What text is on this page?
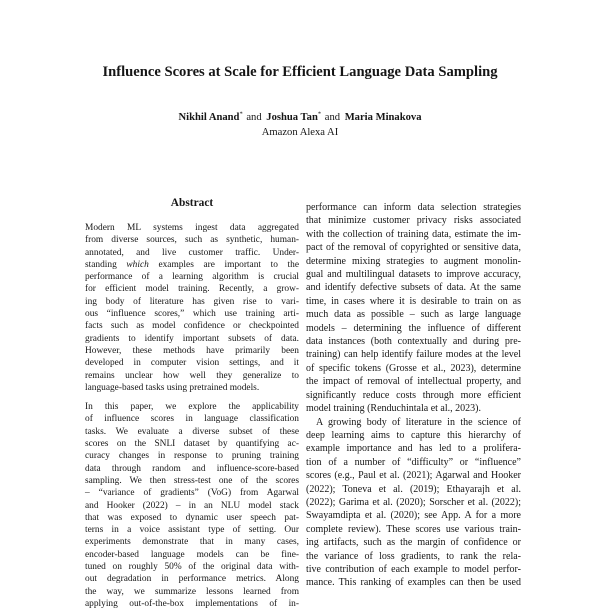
Influence Scores at Scale for Efficient Language Data Sampling
Nikhil Anand* and Joshua Tan* and Maria Minakova
Amazon Alexa AI
Abstract
Modern ML systems ingest data aggregated
from diverse sources, such as synthetic, human-
annotated, and live customer traffic. Under-
standing which examples are important to the
performance of a learning algorithm is crucial
for efficient model training. Recently, a grow-
ing body of literature has given rise to vari-
ous “influence scores,” which use training arti-
facts such as model confidence or checkpointed
gradients to identify important subsets of data.
However, these methods have primarily been
developed in computer vision settings, and it
remains unclear how well they generalize to
language-based tasks using pretrained models.
In this paper, we explore the applicability
of influence scores in language classification
tasks. We evaluate a diverse subset of these
scores on the SNLI dataset by quantifying ac-
curacy changes in response to pruning training
data through random and influence-score-based
sampling. We then stress-test one of the scores
– “variance of gradients” (VoG) from Agarwal
and Hooker (2022) – in an NLU model stack
that was exposed to dynamic user speech pat-
terns in a voice assistant type of setting. Our
experiments demonstrate that in many cases,
encoder-based language models can be fine-
tuned on roughly 50% of the original data with-
out degradation in performance metrics. Along
the way, we summarize lessons learned from
applying out-of-the-box implementations of in-
performance can inform data selection strategies
that minimize customer privacy risks associated
with the collection of training data, estimate the im-
pact of the removal of copyrighted or sensitive data,
determine mixing strategies to augment monolin-
gual and multilingual datasets to improve accuracy,
and identify defective subsets of data. At the same
time, in cases where it is desirable to train on as
much data as possible – such as large language
models – determining the influence of different
data instances (both contextually and during pre-
training) can help identify failure modes at the level
of specific tokens (Grosse et al., 2023), determine
the impact of removal of intellectual property, and
significantly reduce costs through more efficient
model training (Renduchintala et al., 2023).
A growing body of literature in the science of
deep learning aims to capture this hierarchy of
example importance and has led to a prolifera-
tion of a number of “difficulty” or “influence”
scores (e.g., Paul et al. (2021); Agarwal and Hooker
(2022); Toneva et al. (2019); Ethayarajh et al.
(2022); Garima et al. (2020); Sorscher et al. (2022);
Swayamdipta et al. (2020); see App. A for a more
complete review). These scores use various train-
ing artifacts, such as the margin of confidence or
the variance of loss gradients, to rank the rela-
tive contribution of each example to model perfor-
mance. This ranking of examples can then be used
